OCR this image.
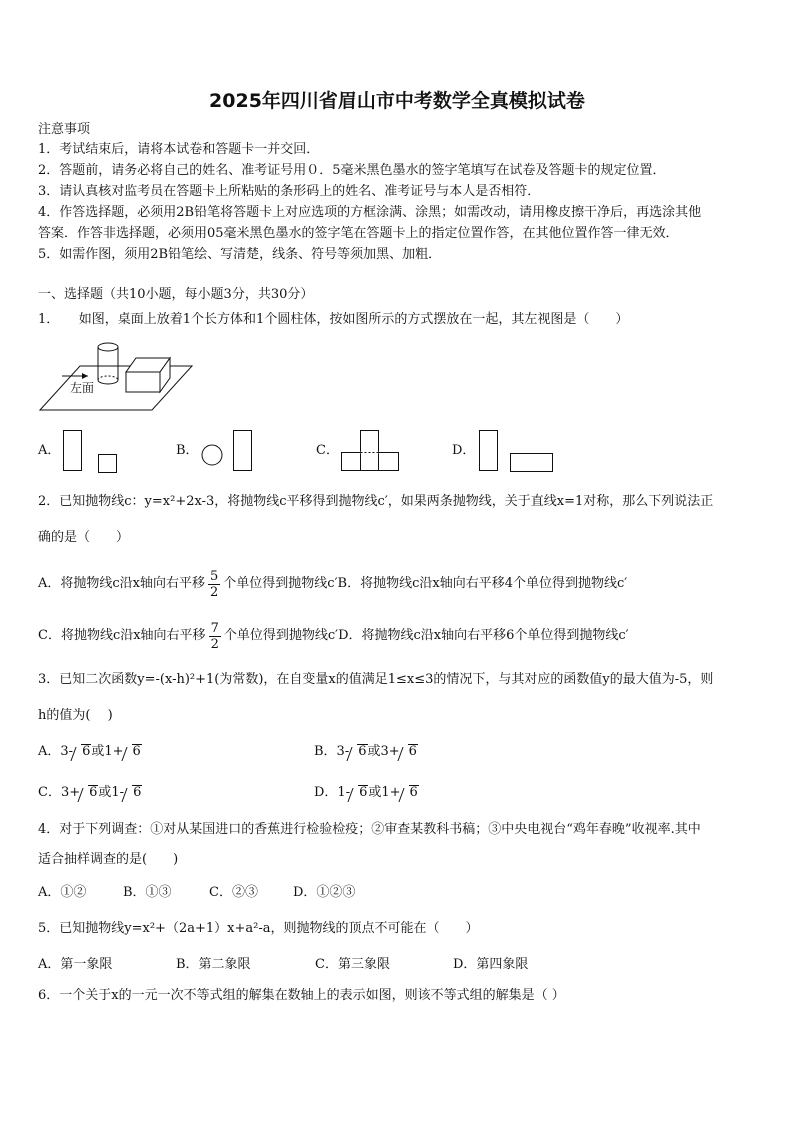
2025年四川省眉山市中考数学全真模拟试卷
注意事项
1．考试结束后，请将本试卷和答题卡一并交回．
2．答题前，请务必将自己的姓名、准考证号用０．5毫米黑色墨水的签字笔填写在试卷及答题卡的规定位置．
3．请认真核对监考员在答题卡上所粘贴的条形码上的姓名、准考证号与本人是否相符．
4．作答选择题，必须用2B铅笔将答题卡上对应选项的方框涂满、涂黑；如需改动，请用橡皮擦干净后，再选涂其他
答案．作答非选择题，必须用05毫米黑色墨水的签字笔在答题卡上的指定位置作答，在其他位置作答一律无效．
5．如需作图，须用2B铅笔绘、写清楚，线条、符号等须加黑、加粗．
一、选择题（共10小题，每小题3分，共30分）
1．　　如图，桌面上放着1个长方体和1个圆柱体，按如图所示的方式摆放在一起，其左视图是（　　）
左面
A．	B．	C．	D．
2．已知抛物线c：y=x²+2x-3，将抛物线c平移得到抛物线c′，如果两条抛物线，关于直线x=1对称，那么下列说法正
确的是（　　）
A．将抛物线c沿x轴向右平移 $\frac{5}{2}$ 个单位得到抛物线c′B．将抛物线c沿x轴向右平移4个单位得到抛物线c′
C．将抛物线c沿x轴向右平移 $\frac{7}{2}$ 个单位得到抛物线c′D．将抛物线c沿x轴向右平移6个单位得到抛物线c′
3．已知二次函数y=-(x-h)²+1(为常数)，在自变量x的值满足1≤x≤3的情况下，与其对应的函数值y的最大值为-5，则
h的值为(　 )
A．3- 6或1+ 6	B．3- 6或3+ 6
C．3+ 6或1- 6	D．1- 6或1+ 6
4．对于下列调查：①对从某国进口的香蕉进行检验检疫；②审查某教科书稿；③中央电视台“鸡年春晚”收视率.其中
适合抽样调查的是(　　)
A．①②	B．①③	C．②③	D．①②③
5．已知抛物线y=x²+（2a+1）x+a²-a，则抛物线的顶点不可能在（　　）
A．第一象限	B．第二象限	C．第三象限	D．第四象限
6．一个关于x的一元一次不等式组的解集在数轴上的表示如图，则该不等式组的解集是（ ）
